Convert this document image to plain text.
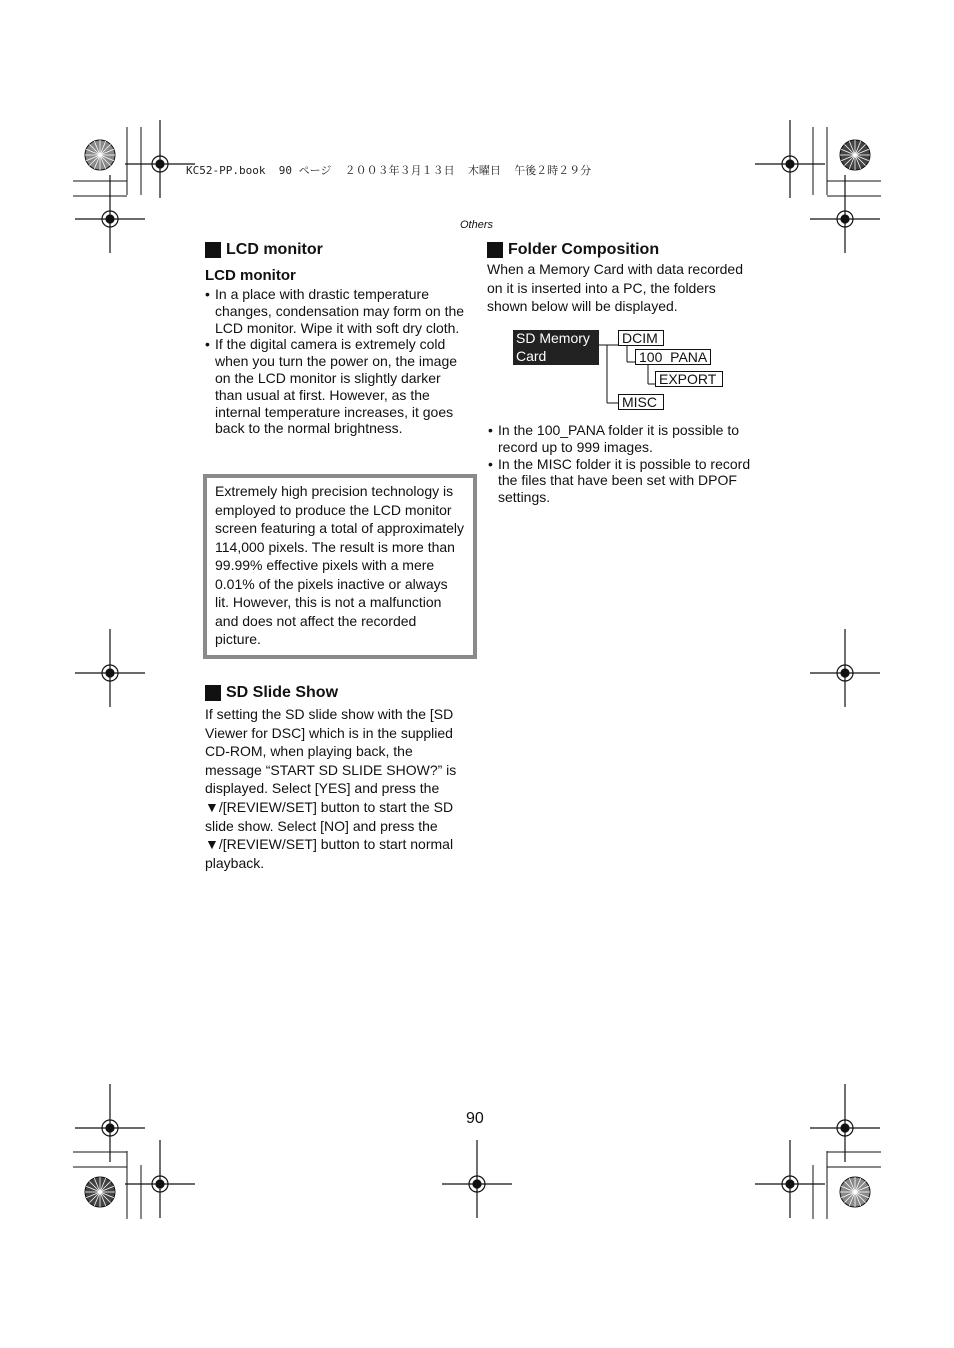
KC52-PP.book  90 ページ  ２００３年３月１３日  木曜日  午後２時２９分
Others
LCD monitor
LCD monitor
• In a place with drastic temperature changes, condensation may form on the LCD monitor. Wipe it with soft dry cloth.
• If the digital camera is extremely cold when you turn the power on, the image on the LCD monitor is slightly darker than usual at first. However, as the internal temperature increases, it goes back to the normal brightness.

Extremely high precision technology is employed to produce the LCD monitor screen featuring a total of approximately 114,000 pixels. The result is more than 99.99% effective pixels with a mere 0.01% of the pixels inactive or always lit. However, this is not a malfunction and does not affect the recorded picture.

SD Slide Show

If setting the SD slide show with the [SD Viewer for DSC] which is in the supplied CD-ROM, when playing back, the message “START SD SLIDE SHOW?” is displayed. Select [YES] and press the ▼/[REVIEW/SET] button to start the SD slide show. Select [NO] and press the ▼/[REVIEW/SET] button to start normal playback.

Folder Composition

When a Memory Card with data recorded on it is inserted into a PC, the folders shown below will be displayed.

SD Memory Card
DCIM
100_PANA
EXPORT
MISC
• In the 100_PANA folder it is possible to record up to 999 images.
• In the MISC folder it is possible to record the files that have been set with DPOF settings.
90
